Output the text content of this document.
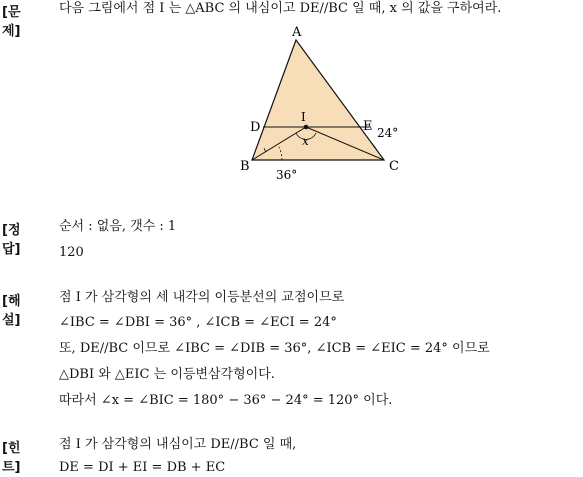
[문제]
다음 그림에서 점 I 는 △ABC 의 내심이고 DE//BC 일 때, x 의 값을 구하여라.
A
B	C
D	E
I
x
24°
36°
[정답]
순서 : 없음, 갯수 : 1
120
[해설]
점 I 가 삼각형의 세 내각의 이등분선의 교점이므로
∠IBC = ∠DBI = 36° , ∠ICB = ∠ECI = 24°
또, DE//BC 이므로 ∠IBC = ∠DIB = 36°, ∠ICB = ∠EIC = 24° 이므로
△DBI 와 △EIC 는 이등변삼각형이다.
따라서 ∠x = ∠BIC = 180° − 36° − 24° = 120° 이다.
[힌트]
점 I 가 삼각형의 내심이고 DE//BC 일 때,
DE = DI + EI = DB + EC
